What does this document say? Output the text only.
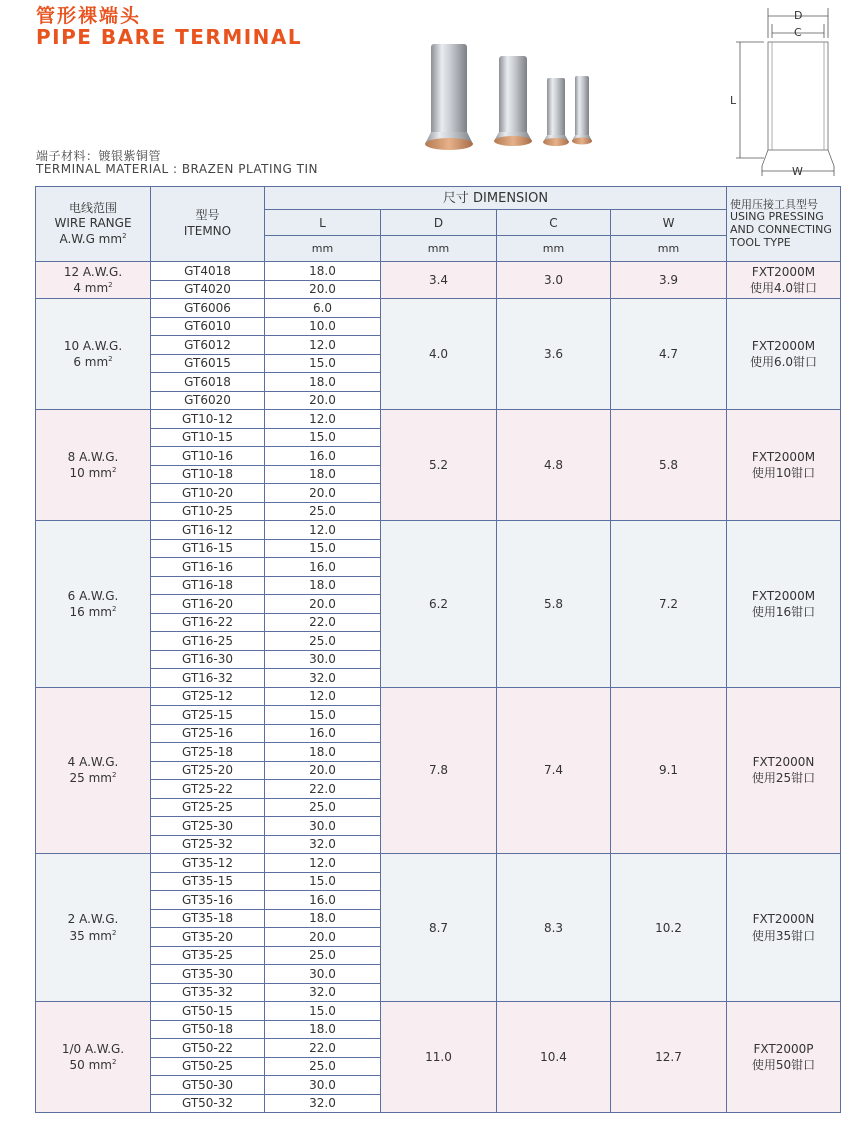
管形裸端头
PIPE BARE TERMINAL
端子材料：镀银紫铜管
TERMINAL MATERIAL : BRAZEN PLATING TIN
D
C
L
W
电线范围
WIRE RANGE
A.W.G $mm^2$	型号
ITEMNO	尺寸 DIMENSION				使用压接工具型号
USING PRESSING
AND CONNECTING
TOOL TYPE

		L	D	C	W	
		mm	mm	mm	mm	

12 A.W.G.
4 $mm^2$	GT4018	18.0	3.4	3.0	3.9	FXT2000M
使用4.0钳口

	GT4020	20.0				

10 A.W.G.
6 $mm^2$	GT6006	6.0	4.0	3.6	4.7	FXT2000M
使用6.0钳口

	GT6010	10.0				
	GT6012	12.0				
	GT6015	15.0				
	GT6018	18.0				
	GT6020	20.0				

8 A.W.G.
10 $mm^2$	GT10-12	12.0	5.2	4.8	5.8	FXT2000M
使用10钳口

	GT10-15	15.0				
	GT10-16	16.0				
	GT10-18	18.0				
	GT10-20	20.0				
	GT10-25	25.0				

6 A.W.G.
16 $mm^2$	GT16-12	12.0	6.2	5.8	7.2	FXT2000M
使用16钳口

	GT16-15	15.0				
	GT16-16	16.0				
	GT16-18	18.0				
	GT16-20	20.0				
	GT16-22	22.0				
	GT16-25	25.0				
	GT16-30	30.0				
	GT16-32	32.0				

4 A.W.G.
25 $mm^2$	GT25-12	12.0	7.8	7.4	9.1	FXT2000N
使用25钳口

	GT25-15	15.0				
	GT25-16	16.0				
	GT25-18	18.0				
	GT25-20	20.0				
	GT25-22	22.0				
	GT25-25	25.0				
	GT25-30	30.0				
	GT25-32	32.0				

2 A.W.G.
35 $mm^2$	GT35-12	12.0	8.7	8.3	10.2	FXT2000N
使用35钳口

	GT35-15	15.0				
	GT35-16	16.0				
	GT35-18	18.0				
	GT35-20	20.0				
	GT35-25	25.0				
	GT35-30	30.0				
	GT35-32	32.0				

1/0 A.W.G.
50 $mm^2$	GT50-15	15.0	11.0	10.4	12.7	FXT2000P
使用50钳口

	GT50-18	18.0				
	GT50-22	22.0				
	GT50-25	25.0				
	GT50-30	30.0				
	GT50-32	32.0				
